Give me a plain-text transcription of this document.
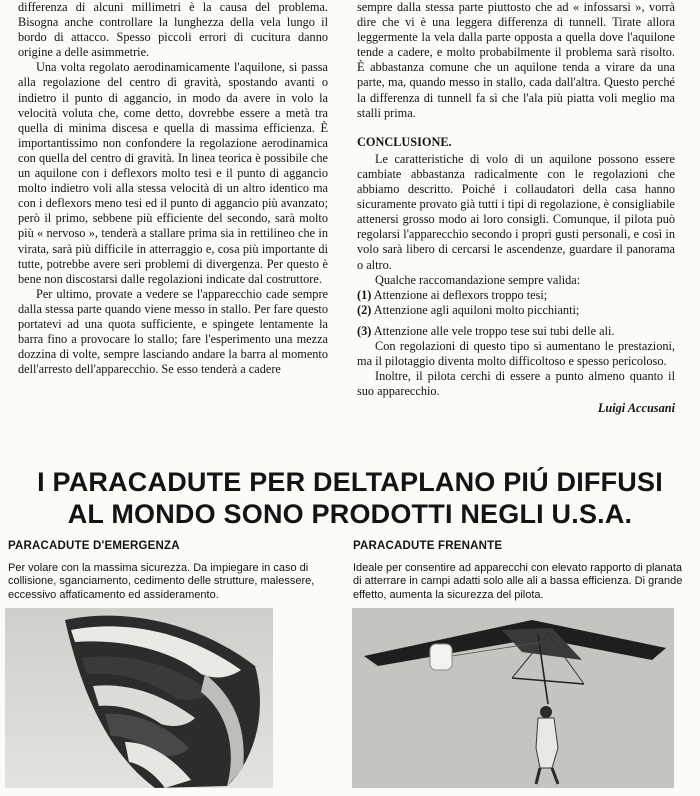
differenza di alcuni millimetri è la causa del problema. Bisogna anche controllare la lunghezza della vela lungo il bordo di attacco. Spesso piccoli errori di cucitura danno origine a delle asimmetrie.

Una volta regolato aerodinamicamente l'aquilone, si passa alla regolazione del centro di gravità, spostando avanti o indietro il punto di aggancio, in modo da avere in volo la velocità voluta che, come detto, dovrebbe essere a metà tra quella di minima discesa e quella di massima efficienza. È importantissimo non confondere la regolazione aerodinamica con quella del centro di gravità. In linea teorica è possibile che un aquilone con i deflexors molto tesi e il punto di aggancio molto indietro voli alla stessa velocità di un altro identico ma con i deflexors meno tesi ed il punto di aggancio più avanzato; però il primo, sebbene più efficiente del secondo, sarà molto più « nervoso », tenderà a stallare prima sia in rettilineo che in virata, sarà più difficile in atterraggio e, cosa più importante di tutte, potrebbe avere seri problemi di divergenza. Per questo è bene non discostarsi dalle regolazioni indicate dal costruttore.

Per ultimo, provate a vedere se l'apparecchio cade sempre dalla stessa parte quando viene messo in stallo. Per fare questo portatevi ad una quota sufficiente, e spingete lentamente la barra fino a provocare lo stallo; fare l'esperimento una mezza dozzina di volte, sempre lasciando andare la barra al momento dell'arresto dell'apparecchio. Se esso tenderà a cadere

sempre dalla stessa parte piuttosto che ad « infossarsi », vorrà dire che vi è una leggera differenza di tunnell. Tirate allora leggermente la vela dalla parte opposta a quella dove l'aquilone tende a cadere, e molto probabilmente il problema sarà risolto. È abbastanza comune che un aquilone tenda a virare da una parte, ma, quando messo in stallo, cada dall'altra. Questo perché la differenza di tunnell fa sì che l'ala più piatta voli meglio ma stalli prima.

CONCLUSIONE.

Le caratteristiche di volo di un aquilone possono essere cambiate abbastanza radicalmente con le regolazioni che abbiamo descritto. Poiché i collaudatori della casa hanno sicuramente provato già tutti i tipi di regolazione, è consigliabile attenersi grosso modo ai loro consigli. Comunque, il pilota può regolarsi l'apparecchio secondo i propri gusti personali, e così in volo sarà libero di cercarsi le ascendenze, guardare il panorama o altro.

Qualche raccomandazione sempre valida:

(1) Attenzione ai deflexors troppo tesi;

(2) Attenzione agli aquiloni molto picchianti;

(3) Attenzione alle vele troppo tese sui tubi delle ali.

Con regolazioni di questo tipo si aumentano le prestazioni, ma il pilotaggio diventa molto difficoltoso e spesso pericoloso.

Inoltre, il pilota cerchi di essere a punto almeno quanto il suo apparecchio.

Luigi Accusani
I PARACADUTE PER DELTAPLANO PIÚ DIFFUSI
AL MONDO SONO PRODOTTI NEGLI U.S.A.
PARACADUTE D'EMERGENZA

Per volare con la massima sicurezza. Da impiegare in caso di collisione, sganciamento, cedimento delle strutture, malessere, eccessivo affaticamento ed assideramento.

PARACADUTE FRENANTE

Ideale per consentire ad apparecchi con elevato rapporto di planata di atterrare in campi adatti solo alle ali a bassa efficienza. Di grande effetto, aumenta la sicurezza del pilota.
